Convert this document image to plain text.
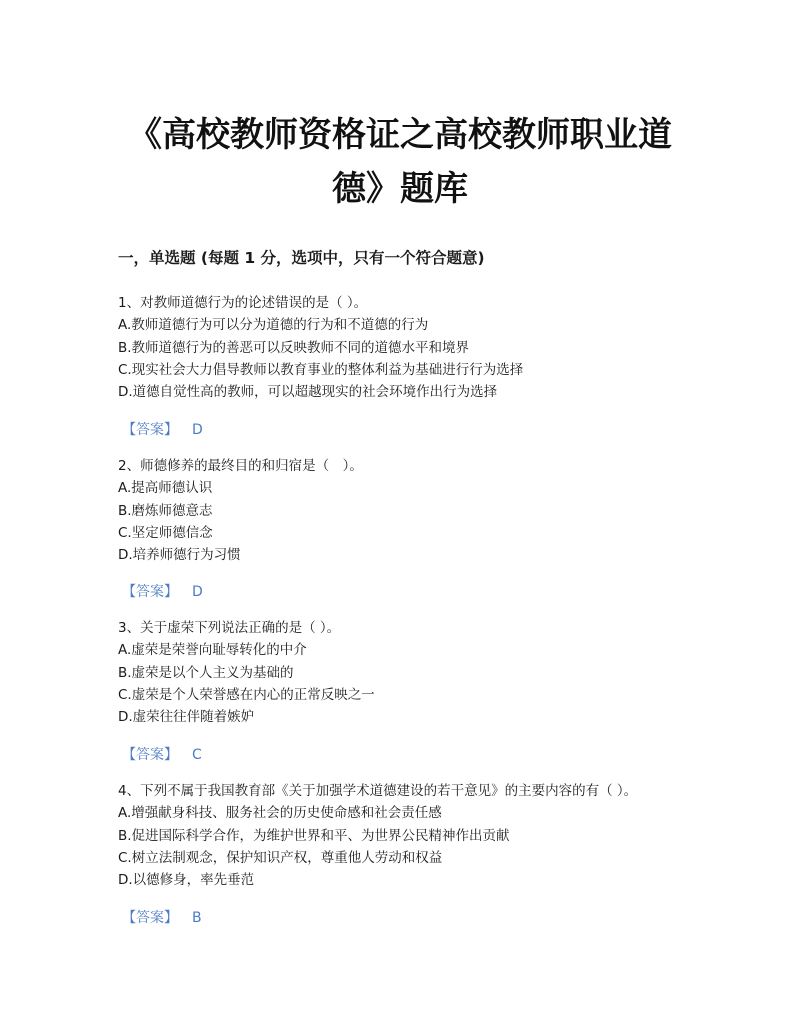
《高校教师资格证之高校教师职业道
德》题库
一，单选题 (每题 1 分，选项中，只有一个符合题意)
1、对教师道德行为的论述错误的是（ ）。
A.教师道德行为可以分为道德的行为和不道德的行为
B.教师道德行为的善恶可以反映教师不同的道德水平和境界
C.现实社会大力倡导教师以教育事业的整体利益为基础进行行为选择
D.道德自觉性高的教师，可以超越现实的社会环境作出行为选择
【答案】 D
2、师德修养的最终目的和归宿是（　）。
A.提高师德认识
B.磨炼师德意志
C.坚定师德信念
D.培养师德行为习惯
【答案】 D
3、关于虚荣下列说法正确的是（ ）。
A.虚荣是荣誉向耻辱转化的中介
B.虚荣是以个人主义为基础的
C.虚荣是个人荣誉感在内心的正常反映之一
D.虚荣往往伴随着嫉妒
【答案】 C
4、下列不属于我国教育部《关于加强学术道德建设的若干意见》的主要内容的有（ ）。
A.增强献身科技、服务社会的历史使命感和社会责任感
B.促进国际科学合作，为维护世界和平、为世界公民精神作出贡献
C.树立法制观念，保护知识产权，尊重他人劳动和权益
D.以德修身，率先垂范
【答案】 B
